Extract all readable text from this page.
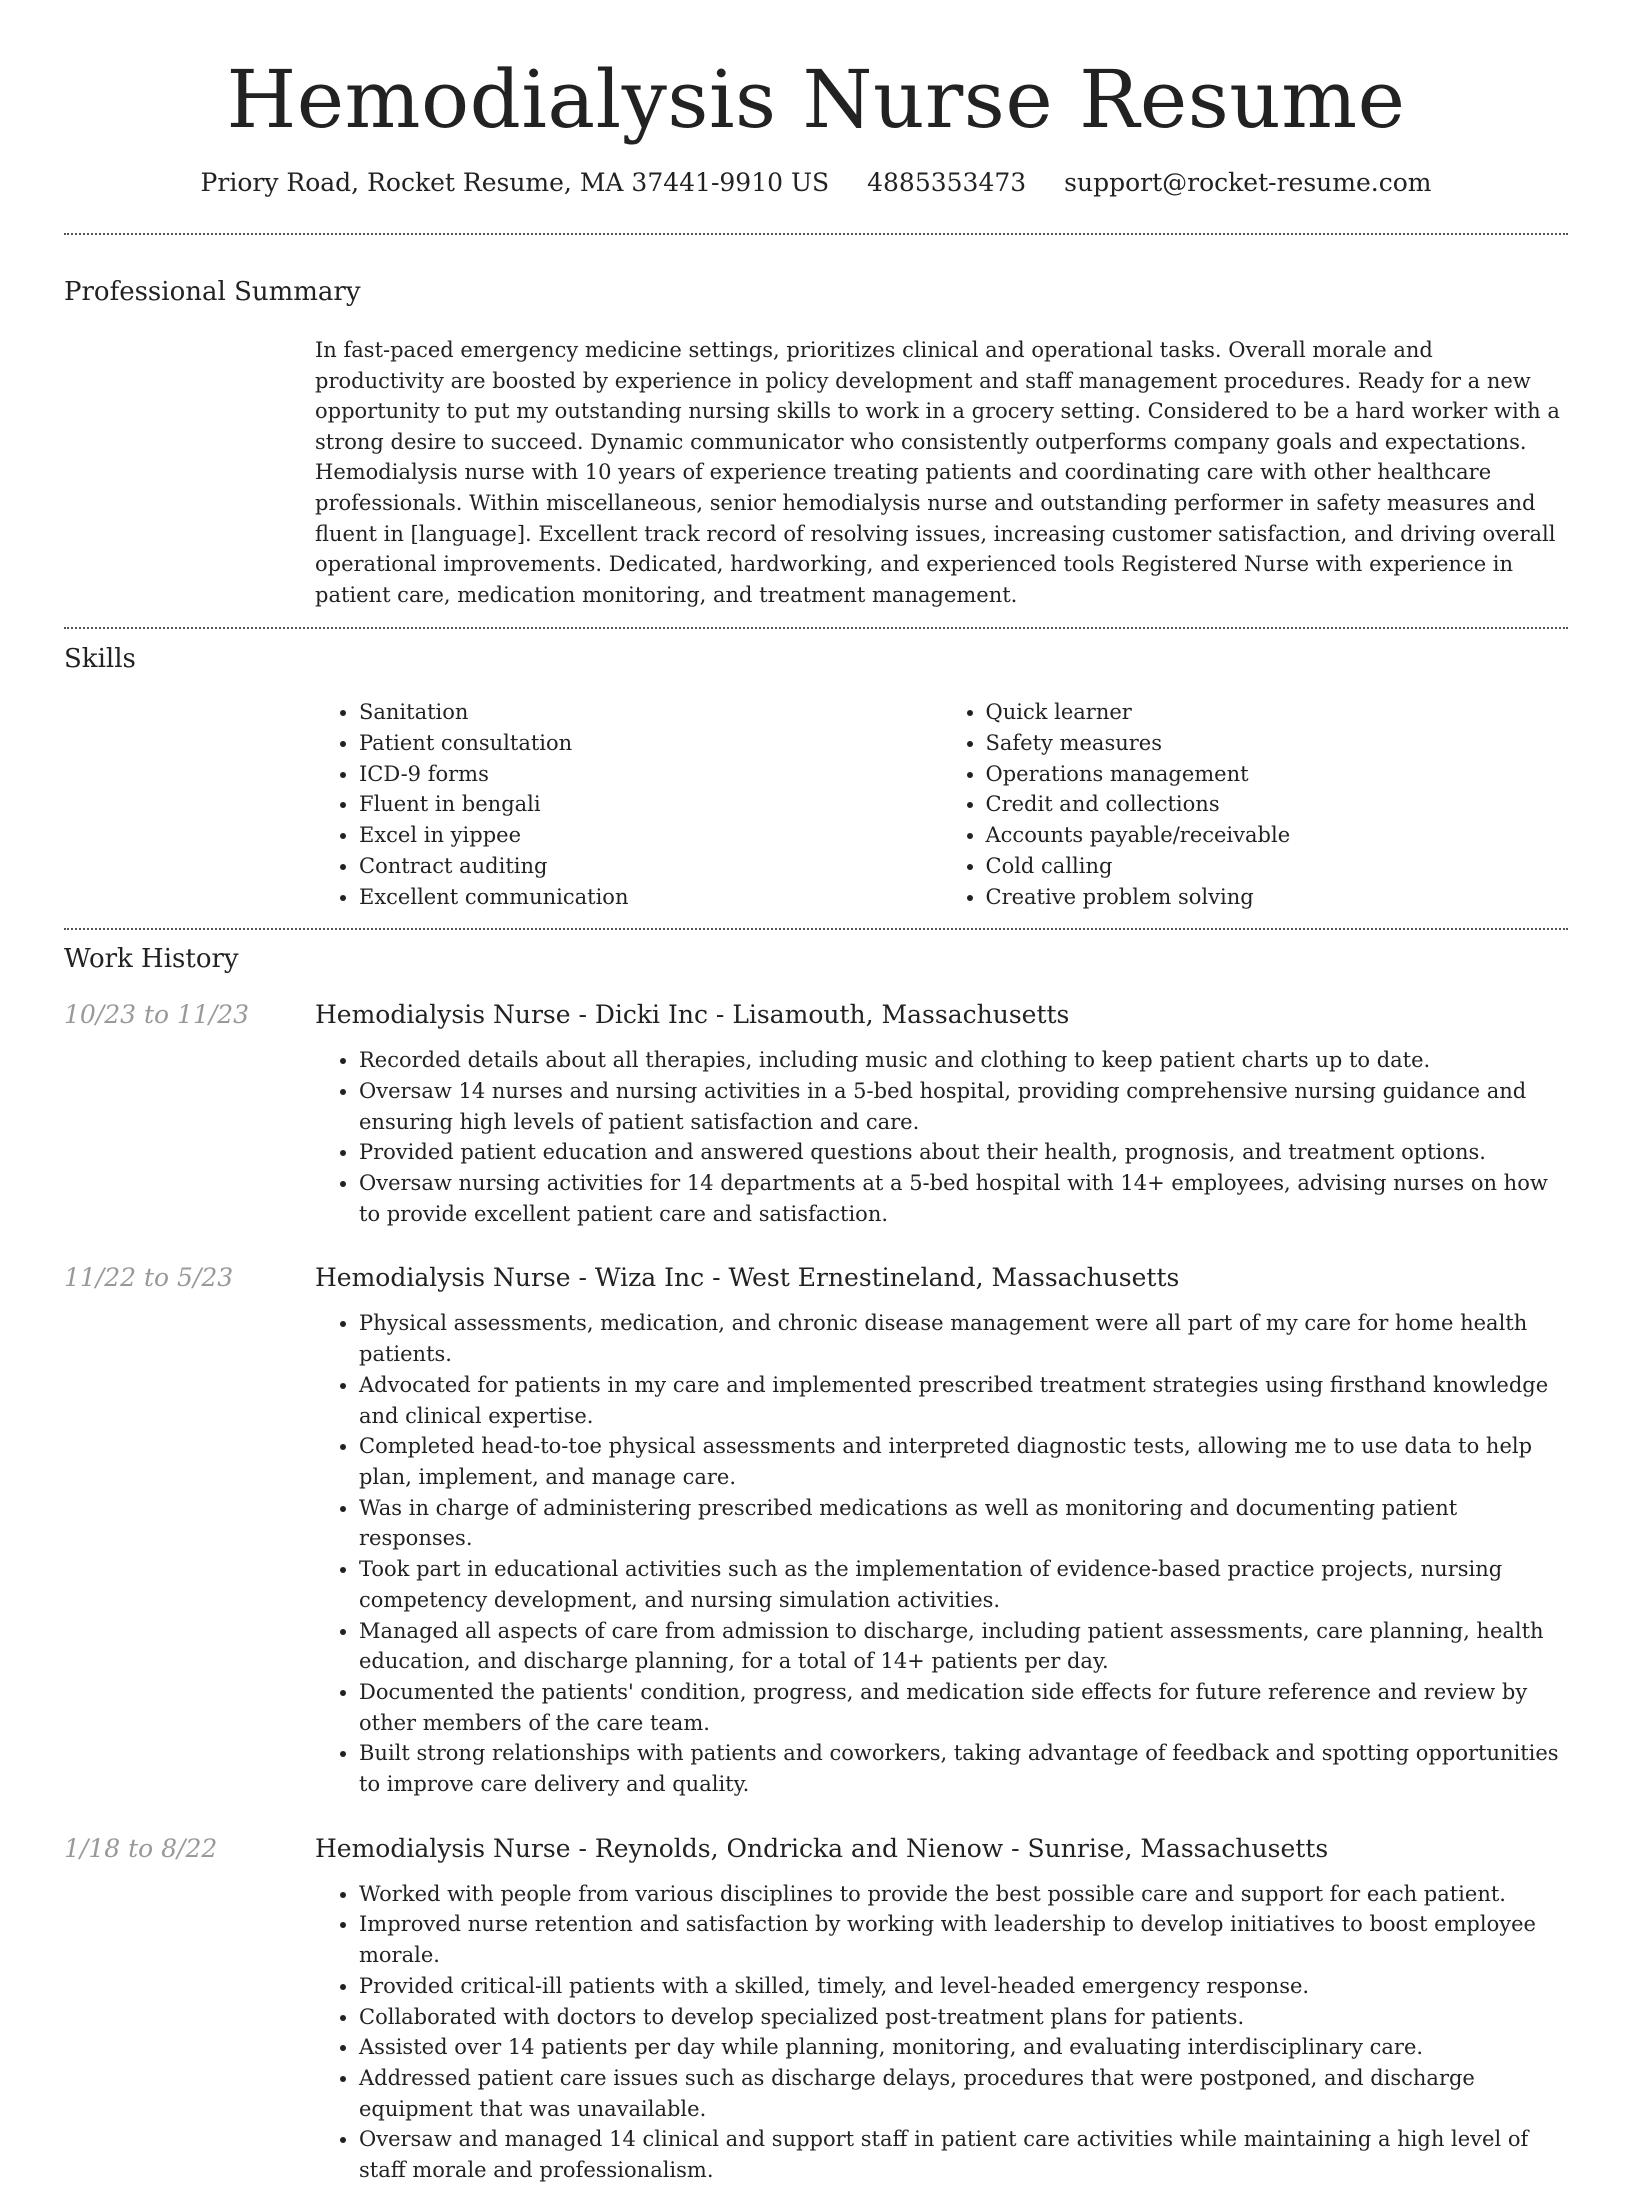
Hemodialysis Nurse Resume
Priory Road, Rocket Resume, MA 37441-9910 US 4885353473 support@rocket-resume.com
Professional Summary

In fast-paced emergency medicine settings, prioritizes clinical and operational tasks. Overall morale and productivity are boosted by experience in policy development and staff management procedures. Ready for a new opportunity to put my outstanding nursing skills to work in a grocery setting. Considered to be a hard worker with a strong desire to succeed. Dynamic communicator who consistently outperforms company goals and expectations. Hemodialysis nurse with 10 years of experience treating patients and coordinating care with other healthcare professionals. Within miscellaneous, senior hemodialysis nurse and outstanding performer in safety measures and fluent in [language]. Excellent track record of resolving issues, increasing customer satisfaction, and driving overall operational improvements. Dedicated, hardworking, and experienced tools Registered Nurse with experience in patient care, medication monitoring, and treatment management.

Skills
• Sanitation
• Patient consultation
• ICD-9 forms
• Fluent in bengali
• Excel in yippee
• Contract auditing
• Excellent communication
• Quick learner
• Safety measures
• Operations management
• Credit and collections
• Accounts payable/receivable
• Cold calling
• Creative problem solving
Work History
10/23 to 11/23	Hemodialysis Nurse - Dicki Inc - Lisamouth, Massachusetts
• Recorded details about all therapies, including music and clothing to keep patient charts up to date.
• Oversaw 14 nurses and nursing activities in a 5-bed hospital, providing comprehensive nursing guidance and ensuring high levels of patient satisfaction and care.
• Provided patient education and answered questions about their health, prognosis, and treatment options.
• Oversaw nursing activities for 14 departments at a 5-bed hospital with 14+ employees, advising nurses on how to provide excellent patient care and satisfaction.
11/22 to 5/23	Hemodialysis Nurse - Wiza Inc - West Ernestineland, Massachusetts
• Physical assessments, medication, and chronic disease management were all part of my care for home health patients.
• Advocated for patients in my care and implemented prescribed treatment strategies using firsthand knowledge and clinical expertise.
• Completed head-to-toe physical assessments and interpreted diagnostic tests, allowing me to use data to help plan, implement, and manage care.
• Was in charge of administering prescribed medications as well as monitoring and documenting patient responses.
• Took part in educational activities such as the implementation of evidence-based practice projects, nursing competency development, and nursing simulation activities.
• Managed all aspects of care from admission to discharge, including patient assessments, care planning, health education, and discharge planning, for a total of 14+ patients per day.
• Documented the patients' condition, progress, and medication side effects for future reference and review by other members of the care team.
• Built strong relationships with patients and coworkers, taking advantage of feedback and spotting opportunities to improve care delivery and quality.
1/18 to 8/22	Hemodialysis Nurse - Reynolds, Ondricka and Nienow - Sunrise, Massachusetts
• Worked with people from various disciplines to provide the best possible care and support for each patient.
• Improved nurse retention and satisfaction by working with leadership to develop initiatives to boost employee morale.
• Provided critical-ill patients with a skilled, timely, and level-headed emergency response.
• Collaborated with doctors to develop specialized post-treatment plans for patients.
• Assisted over 14 patients per day while planning, monitoring, and evaluating interdisciplinary care.
• Addressed patient care issues such as discharge delays, procedures that were postponed, and discharge equipment that was unavailable.
• Oversaw and managed 14 clinical and support staff in patient care activities while maintaining a high level of staff morale and professionalism.
